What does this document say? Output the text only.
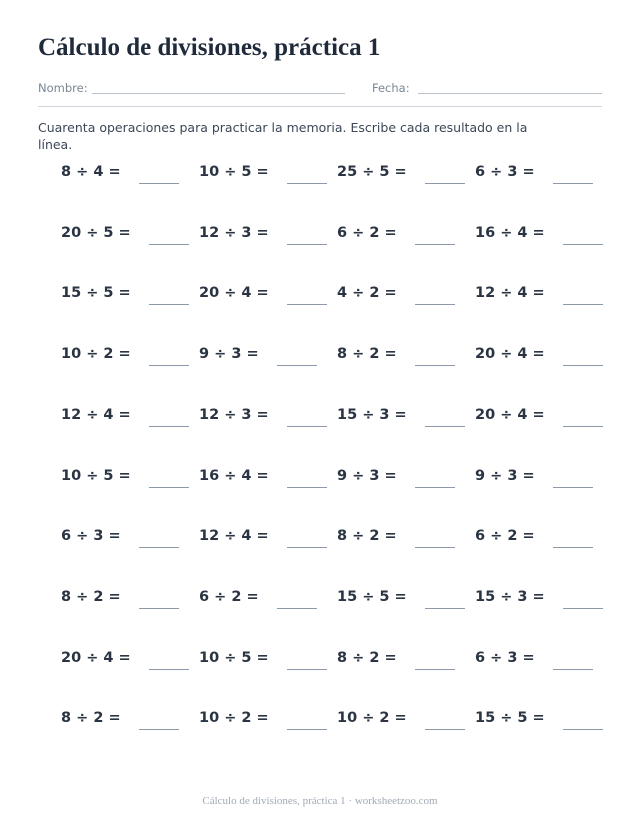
Cálculo de divisiones, práctica 1
Nombre:	Fecha:
Cuarenta operaciones para practicar la memoria. Escribe cada resultado en la línea.
8 ÷ 4 =	10 ÷ 5 =	25 ÷ 5 =	6 ÷ 3 =
20 ÷ 5 =	12 ÷ 3 =	6 ÷ 2 =	16 ÷ 4 =
15 ÷ 5 =	20 ÷ 4 =	4 ÷ 2 =	12 ÷ 4 =
10 ÷ 2 =	9 ÷ 3 =	8 ÷ 2 =	20 ÷ 4 =
12 ÷ 4 =	12 ÷ 3 =	15 ÷ 3 =	20 ÷ 4 =
10 ÷ 5 =	16 ÷ 4 =	9 ÷ 3 =	9 ÷ 3 =
6 ÷ 3 =	12 ÷ 4 =	8 ÷ 2 =	6 ÷ 2 =
8 ÷ 2 =	6 ÷ 2 =	15 ÷ 5 =	15 ÷ 3 =
20 ÷ 4 =	10 ÷ 5 =	8 ÷ 2 =	6 ÷ 3 =
8 ÷ 2 =	10 ÷ 2 =	10 ÷ 2 =	15 ÷ 5 =
Cálculo de divisiones, práctica 1 · worksheetzoo.com
